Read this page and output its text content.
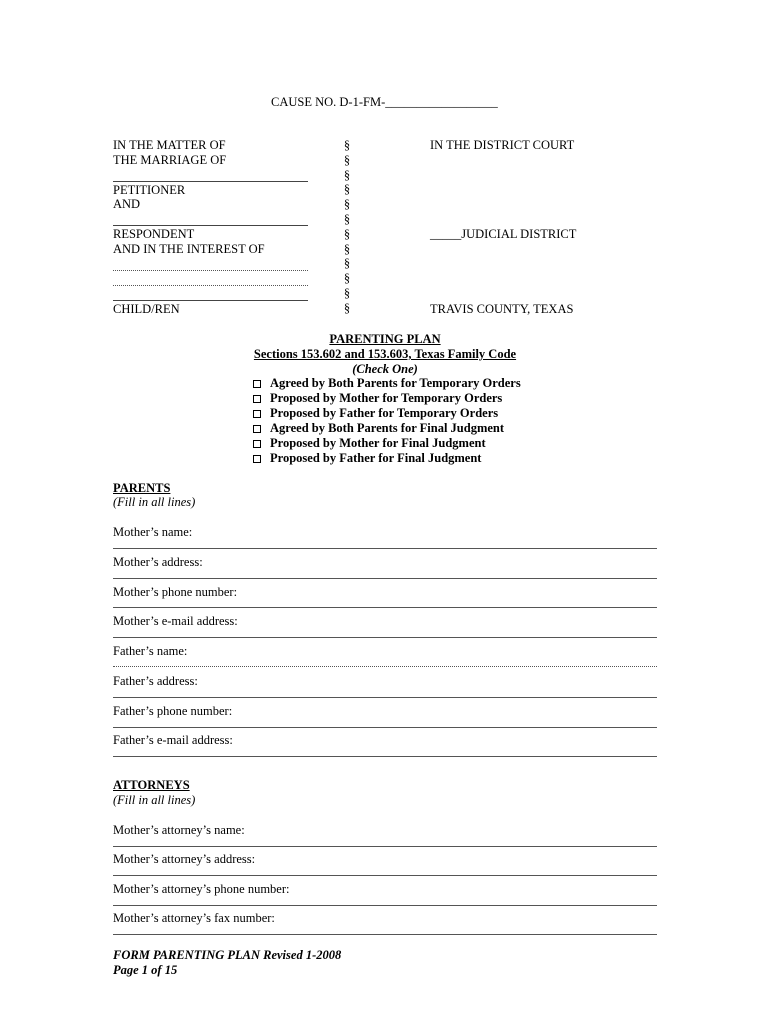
CAUSE NO. D-1-FM-__________________
IN THE MATTER OF
THE MARRIAGE OF
PETITIONER
AND
RESPONDENT
AND IN THE INTEREST OF
CHILD/REN
§
§
§
§
§
§
§
§
§
§
§
§
IN THE DISTRICT COURT
_____JUDICIAL DISTRICT
TRAVIS COUNTY, TEXAS
PARENTING PLAN
Sections 153.602 and 153.603, Texas Family Code
(Check One)
Agreed by Both Parents for Temporary Orders
Proposed by Mother for Temporary Orders
Proposed by Father for Temporary Orders
Agreed by Both Parents for Final Judgment
Proposed by Mother for Final Judgment
Proposed by Father for Final Judgment
PARENTS
(Fill in all lines)
Mother’s name:
Mother’s address:
Mother’s phone number:
Mother’s e-mail address:
Father’s name:
Father’s address:
Father’s phone number:
Father’s e-mail address:
ATTORNEYS
(Fill in all lines)
Mother’s attorney’s name:
Mother’s attorney’s address:
Mother’s attorney’s phone number:
Mother’s attorney’s fax number:
FORM PARENTING PLAN Revised 1-2008
Page 1 of 15
